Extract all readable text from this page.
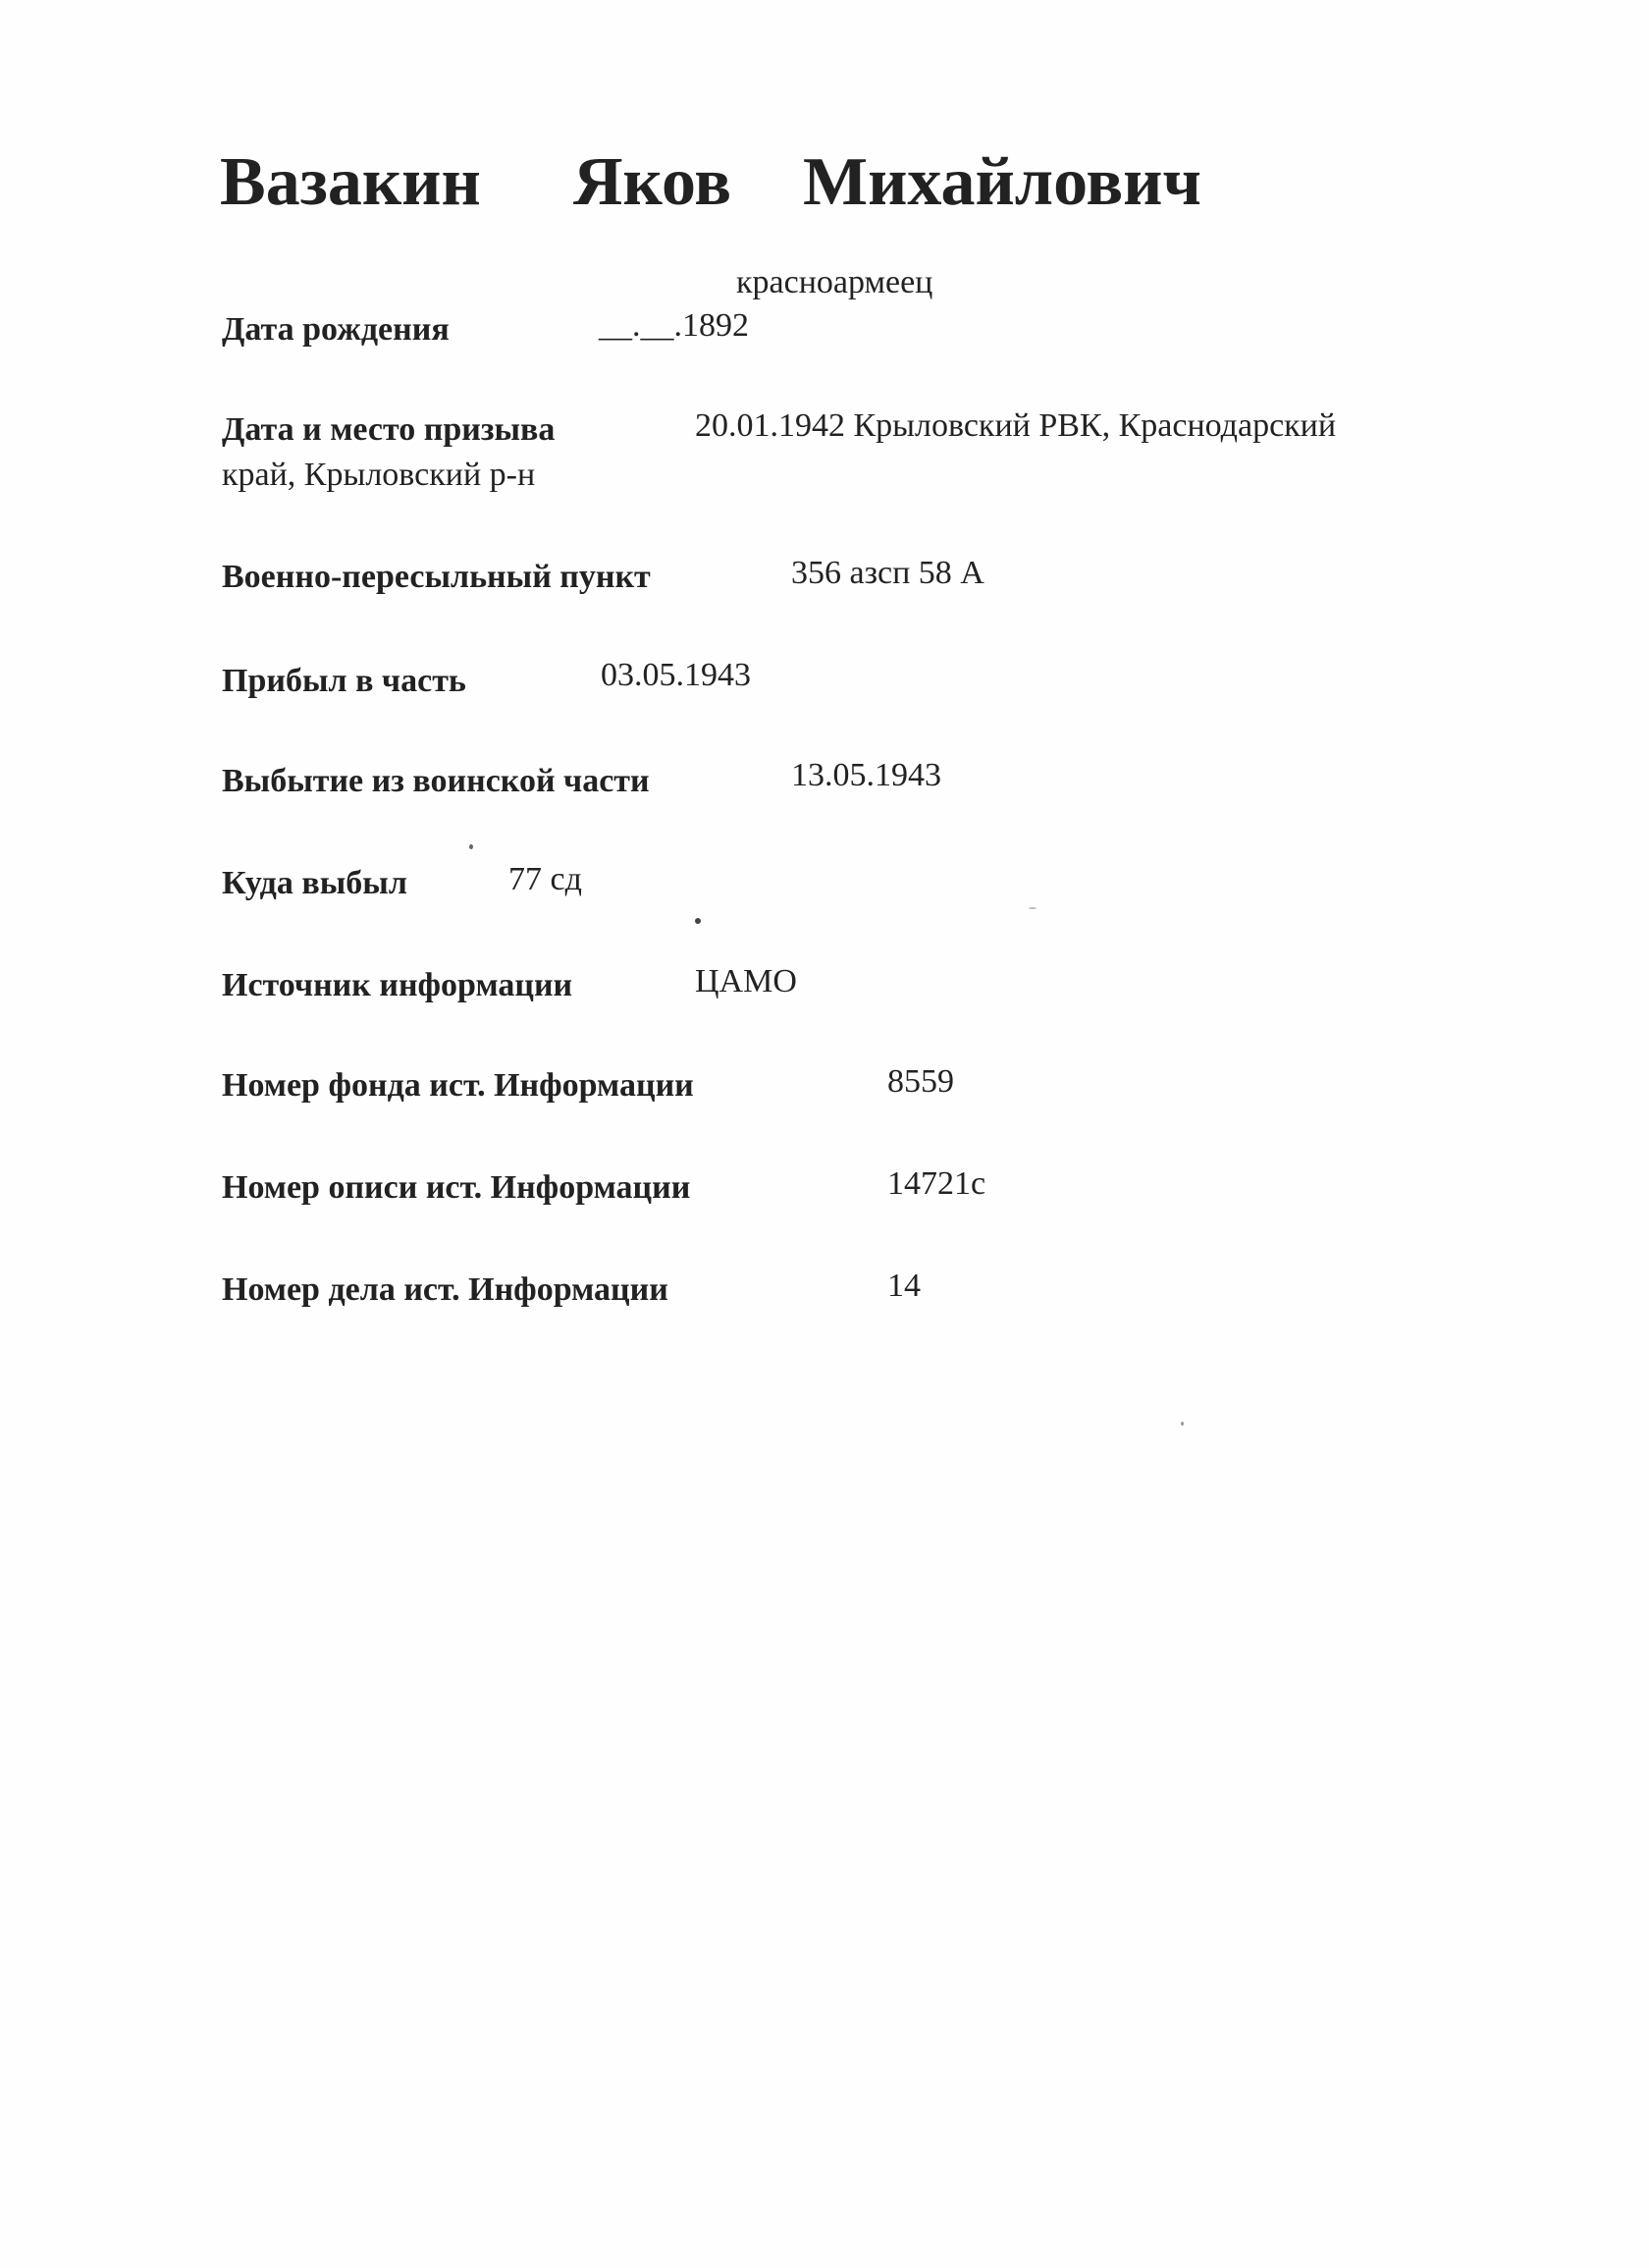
Вазакин Яков Михайлович
красноармеец
Дата рождения	__.__.1892
Дата и место призыва	20.01.1942 Крыловский РВК, Краснодарский
край, Крыловский р-н
Военно-пересыльный пункт	356 азсп 58 А
Прибыл в часть	03.05.1943
Выбытие из воинской части	13.05.1943
Куда выбыл	77 сд
Источник информации	ЦАМО
Номер фонда ист. Информации	8559
Номер описи ист. Информации	14721с
Номер дела ист. Информации	14
